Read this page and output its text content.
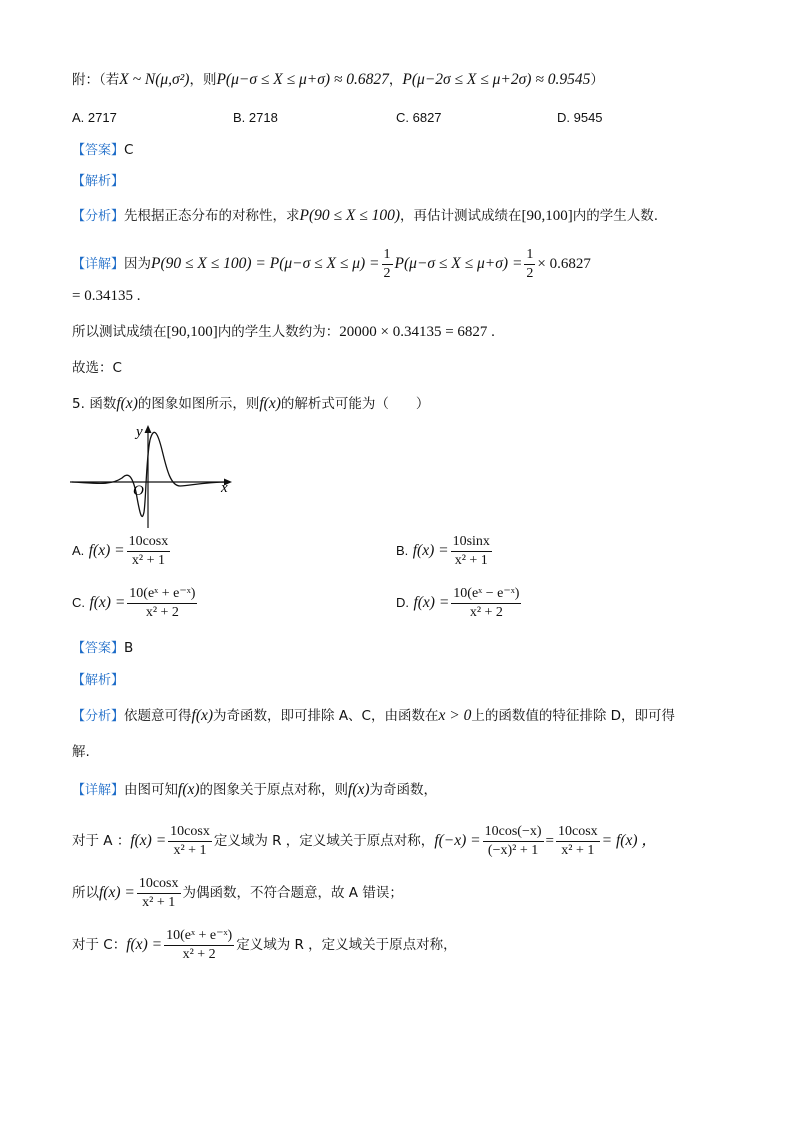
附：（若X ~ N(μ,σ²)，则P(μ−σ ≤ X ≤ μ+σ) ≈ 0.6827，P(μ−2σ ≤ X ≤ μ+2σ) ≈ 0.9545）
A. 2717	B. 2718	C. 6827	D. 9545
【答案】C
【解析】
【分析】先根据正态分布的对称性，求P(90 ≤ X ≤ 100)，再估计测试成绩在[90,100]内的学生人数.
【详解】因为$P(90 \le X \le 100) = P(\mu-\sigma \le X \le \mu) = \frac{1}{2} P(\mu-\sigma \le X \le \mu+\sigma) = \frac{1}{2} \times 0.6827$
= 0.34135 .
所以测试成绩在[90,100]内的学生人数约为：20000 × 0.34135 = 6827 .
故选：C
5. 函数f(x)的图象如图所示，则f(x)的解析式可能为（　　）
y
x
O
A. $f(x) = \frac{10\cos x}{\text{x² + 1}}$	B. $f(x) = \frac{10\sin x}{\text{x² + 1}}$
C. $f(x) = \frac{\text{10(eˣ + e⁻ˣ)}}{\text{x² + 2}}$	D. $f(x) = \frac{\text{10(eˣ − e⁻ˣ)}}{\text{x² + 2}}$
【答案】B
【解析】
【分析】依题意可得f(x)为奇函数，即可排除 A、C，由函数在x > 0上的函数值的特征排除 D，即可得
解.
【详解】由图可知f(x)的图象关于原点对称，则f(x)为奇函数，
对于 A ：$f(x) = \frac{10\cos x}{\text{x² + 1}}$ 定义域为 R ，定义域关于原点对称，$f(-x) = \frac{10\cos(-x)}{\text{(−x)² + 1}} = \frac{10\cos x}{\text{x² + 1}} = f(x)$ ，
所以$f(x) = \frac{10\cos x}{\text{x² + 1}}$ 为偶函数，不符合题意，故 A 错误；
对于 C：$f(x) = \frac{\text{10(eˣ + e⁻ˣ)}}{\text{x² + 2}}$ 定义域为 R ，定义域关于原点对称，
